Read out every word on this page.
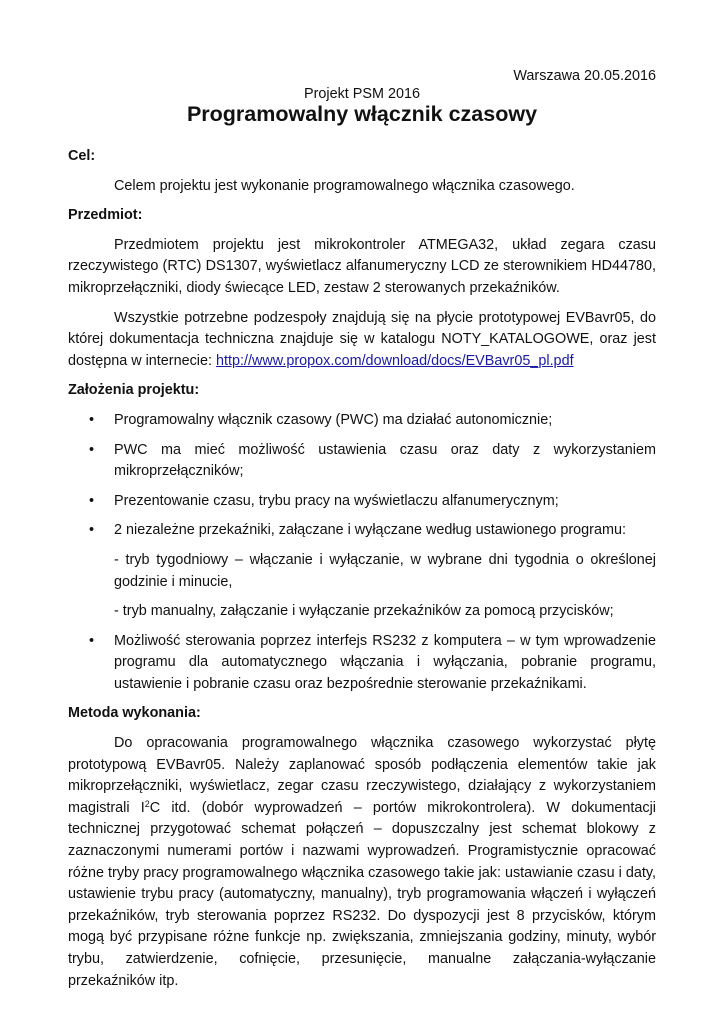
Warszawa 20.05.2016
Projekt PSM 2016
Programowalny włącznik czasowy
Cel:

Celem projektu jest wykonanie programowalnego włącznika czasowego.

Przedmiot:

Przedmiotem projektu jest mikrokontroler ATMEGA32, układ zegara czasu rzeczywistego (RTC) DS1307, wyświetlacz alfanumeryczny LCD ze sterownikiem HD44780, mikroprzełączniki, diody świecące LED, zestaw 2 sterowanych przekaźników.

Wszystkie potrzebne podzespoły znajdują się na płycie prototypowej EVBavr05, do której dokumentacja techniczna znajduje się w katalogu NOTY_KATALOGOWE, oraz jest dostępna w internecie: http://www.propox.com/download/docs/EVBavr05_pl.pdf

Założenia projektu:
• Programowalny włącznik czasowy (PWC) ma działać autonomicznie;
• PWC ma mieć możliwość ustawienia czasu oraz daty z wykorzystaniem mikroprzełączników;
• Prezentowanie czasu, trybu pracy na wyświetlaczu alfanumerycznym;
• 2 niezależne przekaźniki, załączane i wyłączane według ustawionego programu:
- tryb tygodniowy – włączanie i wyłączanie, w wybrane dni tygodnia o określonej godzinie i minucie,
- tryb manualny, załączanie i wyłączanie przekaźników za pomocą przycisków;
• Możliwość sterowania poprzez interfejs RS232 z komputera – w tym wprowadzenie programu dla automatycznego włączania i wyłączania, pobranie programu, ustawienie i pobranie czasu oraz bezpośrednie sterowanie przekaźnikami.
Metoda wykonania:

Do opracowania programowalnego włącznika czasowego wykorzystać płytę prototypową EVBavr05. Należy zaplanować sposób podłączenia elementów takie jak mikroprzełączniki, wyświetlacz, zegar czasu rzeczywistego, działający z wykorzystaniem magistrali $I^2C$ itd. (dobór wyprowadzeń – portów mikrokontrolera). W dokumentacji technicznej przygotować schemat połączeń – dopuszczalny jest schemat blokowy z zaznaczonymi numerami portów i nazwami wyprowadzeń. Programistycznie opracować różne tryby pracy programowalnego włącznika czasowego takie jak: ustawianie czasu i daty, ustawienie trybu pracy (automatyczny, manualny), tryb programowania włączeń i wyłączeń przekaźników, tryb sterowania poprzez RS232. Do dyspozycji jest 8 przycisków, którym mogą być przypisane różne funkcje np. zwiększania, zmniejszania godziny, minuty, wybór trybu, zatwierdzenie, cofnięcie, przesunięcie, manualne załączania-wyłączanie przekaźników itp.
